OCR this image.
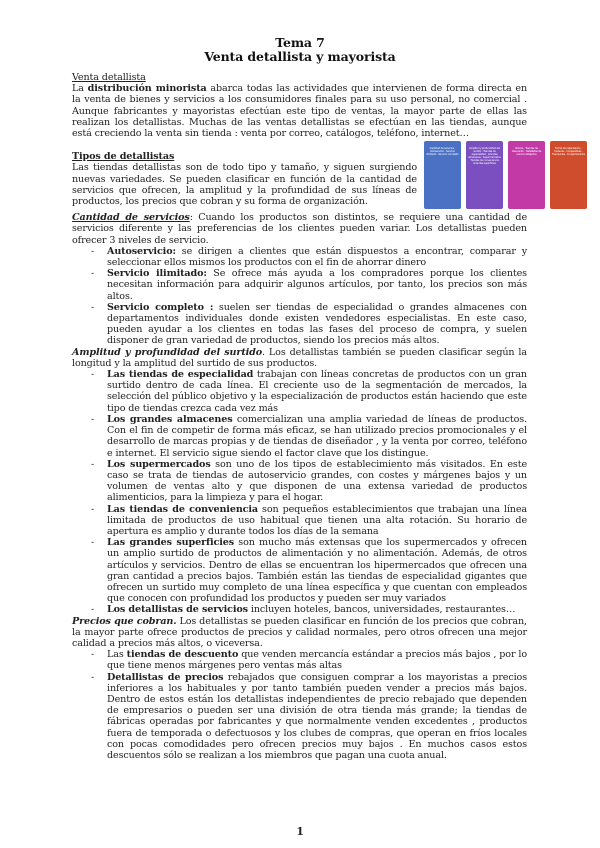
Tema 7
Venta detallista y mayorista
Cantidad de servicios · Autoservicio · Servicio ilimitado · Servicio completo
Amplitud y profundidad del surtido · Tiendas de especialidad · Grandes almacenes · Supermercados · Tiendas de conveniencia · Grandes superficies
Precios · Tiendas de descuento · Detallistas de precios rebajados
Forma de organización · Cadenas · Cooperativas · Franquicias · Conglomerados

Venta detallista

La distribución minorista abarca todas las actividades que intervienen de forma directa en la venta de bienes y servicios a los consumidores finales para su uso personal, no comercial . Aunque fabricantes y mayoristas efectúan este tipo de ventas, la mayor parte de ellas las realizan los detallistas. Muchas de las ventas detallistas se efectúan en las tiendas, aunque está creciendo la venta sin tienda : venta por correo, catálogos, teléfono, internet…

Tipos de detallistas
Las tiendas detallistas son de todo tipo y tamaño, y siguen surgiendo nuevas variedades. Se pueden clasificar en función de la cantidad de servicios que ofrecen, la amplitud y la profundidad de sus líneas de productos, los precios que cobran y su forma de organización.

Cantidad de servicios: Cuando los productos son distintos, se requiere una cantidad de servicios diferente y las preferencias de los clientes pueden variar. Los detallistas pueden ofrecer 3 niveles de servicio.

- Autoservicio: se dirigen a clientes que están dispuestos a encontrar, comparar y seleccionar ellos mismos los productos con el fin de ahorrar dinero
- Servicio ilimitado: Se ofrece más ayuda a los compradores porque los clientes necesitan información para adquirir algunos artículos, por tanto, los precios son más altos.
- Servicio completo : suelen ser tiendas de especialidad o grandes almacenes con departamentos individuales donde existen vendedores especialistas. En este caso, pueden ayudar a los clientes en todas las fases del proceso de compra, y suelen disponer de gran variedad de productos, siendo los precios más altos.

Amplitud y profundidad del surtido. Los detallistas también se pueden clasificar según la longitud y la amplitud del surtido de sus productos.

- Las tiendas de especialidad trabajan con líneas concretas de productos con un gran surtido dentro de cada línea. El creciente uso de la segmentación de mercados, la selección del público objetivo y la especialización de productos están haciendo que este tipo de tiendas crezca cada vez más
- Los grandes almacenes comercializan una amplia variedad de líneas de productos. Con el fin de competir de forma más eficaz, se han utilizado precios promocionales y el desarrollo de marcas propias y de tiendas de diseñador , y la venta por correo, teléfono e internet. El servicio sigue siendo el factor clave que los distingue.
- Los supermercados son uno de los tipos de establecimiento más visitados. En este caso se trata de tiendas de autoservicio grandes, con costes y márgenes bajos y un volumen de ventas alto y que disponen de una extensa variedad de productos alimenticios, para la limpieza y para el hogar.
- Las tiendas de conveniencia son pequeños establecimientos que trabajan una línea limitada de productos de uso habitual que tienen una alta rotación. Su horario de apertura es amplio y durante todos los días de la semana
- Las grandes superficies son mucho más extensas que los supermercados y ofrecen un amplio surtido de productos de alimentación y no alimentación. Además, de otros artículos y servicios. Dentro de ellas se encuentran los hipermercados que ofrecen una gran cantidad a precios bajos. También están las tiendas de especialidad gigantes que ofrecen un surtido muy completo de una línea específica y que cuentan con empleados que conocen con profundidad los productos y pueden ser muy variados
- Los detallistas de servicios incluyen hoteles, bancos, universidades, restaurantes…

Precios que cobran. Los detallistas se pueden clasificar en función de los precios que cobran, la mayor parte ofrece productos de precios y calidad normales, pero otros ofrecen una mejor calidad a precios más altos, o viceversa.

- Las tiendas de descuento que venden mercancía estándar a precios más bajos , por lo que tiene menos márgenes pero ventas más altas
- Detallistas de precios rebajados que consiguen comprar a los mayoristas a precios inferiores a los habituales y por tanto también pueden vender a precios más bajos. Dentro de estos están los detallistas independientes de precio rebajado que dependen de empresarios o pueden ser una división de otra tienda más grande; la tiendas de fábricas operadas por fabricantes y que normalmente venden excedentes , productos fuera de temporada o defectuosos y los clubes de compras, que operan en fríos locales con pocas comodidades pero ofrecen precios muy bajos . En muchos casos estos descuentos sólo se realizan a los miembros que pagan una cuota anual.
1
